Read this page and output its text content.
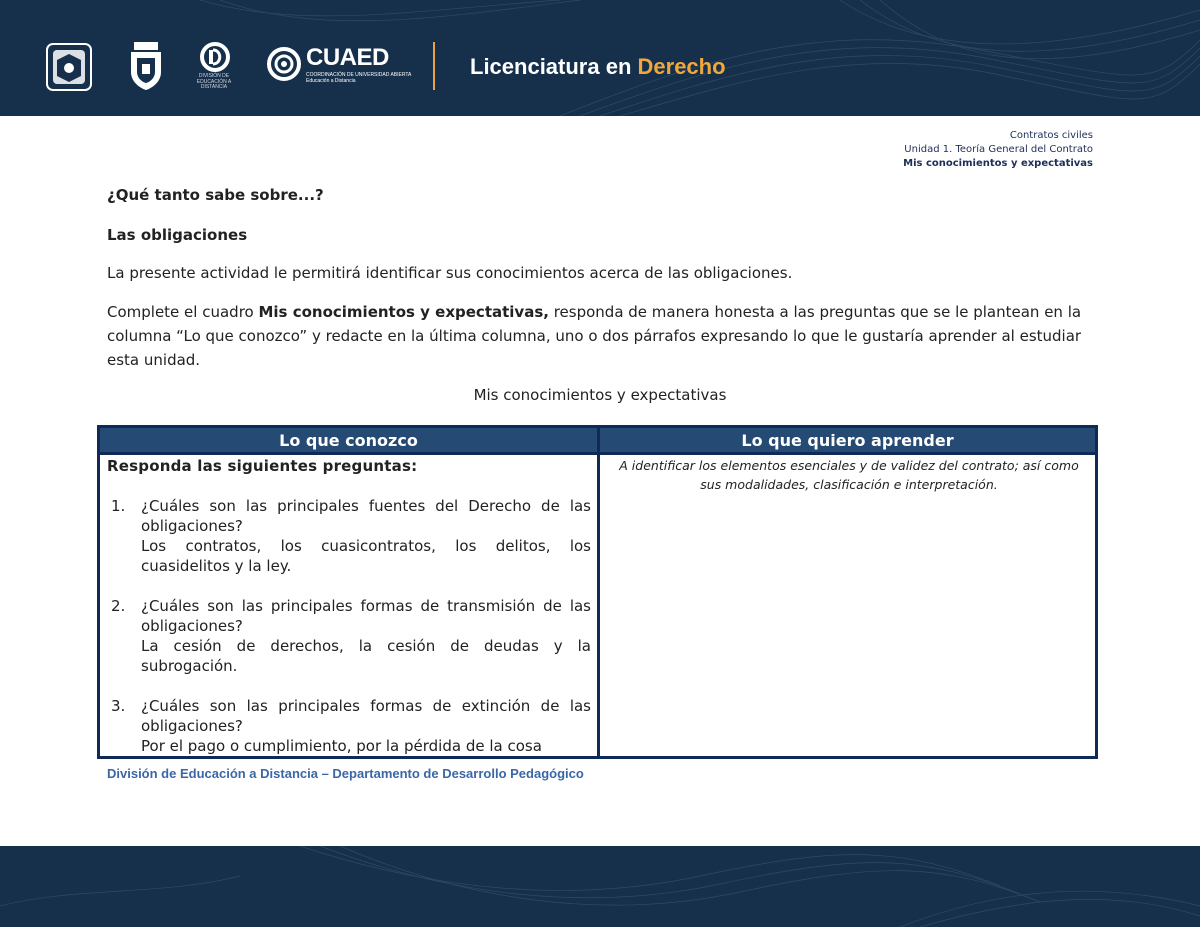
DIVISIÓN DE EDUCACIÓN A DISTANCIA
CUAED
COORDINACIÓN DE UNIVERSIDAD ABIERTA Educación a Distancia
Licenciatura en Derecho
Contratos civiles
Unidad 1. Teoría General del Contrato
Mis conocimientos y expectativas

¿Qué tanto sabe sobre...?

Las obligaciones

La presente actividad le permitirá identificar sus conocimientos acerca de las obligaciones.

Complete el cuadro Mis conocimientos y expectativas, responda de manera honesta a las preguntas que se le plantean en la columna “Lo que conozco” y redacte en la última columna, uno o dos párrafos expresando lo que le gustaría aprender al estudiar esta unidad.

Mis conocimientos y expectativas

Lo que conozco	Lo que quiero aprender

Responda las siguientes preguntas:

1. ¿Cuáles son las principales fuentes del Derecho de las obligaciones?

Los contratos, los cuasicontratos, los delitos, los cuasidelitos y la ley.

2. ¿Cuáles son las principales formas de transmisión de las obligaciones?

La cesión de derechos, la cesión de deudas y la subrogación.

3. ¿Cuáles son las principales formas de extinción de las obligaciones?

Por el pago o cumplimiento, por la pérdida de la cosa

A identificar los elementos esenciales y de validez del contrato; así como sus modalidades, clasificación e interpretación.
División de Educación a Distancia – Departamento de Desarrollo Pedagógico
